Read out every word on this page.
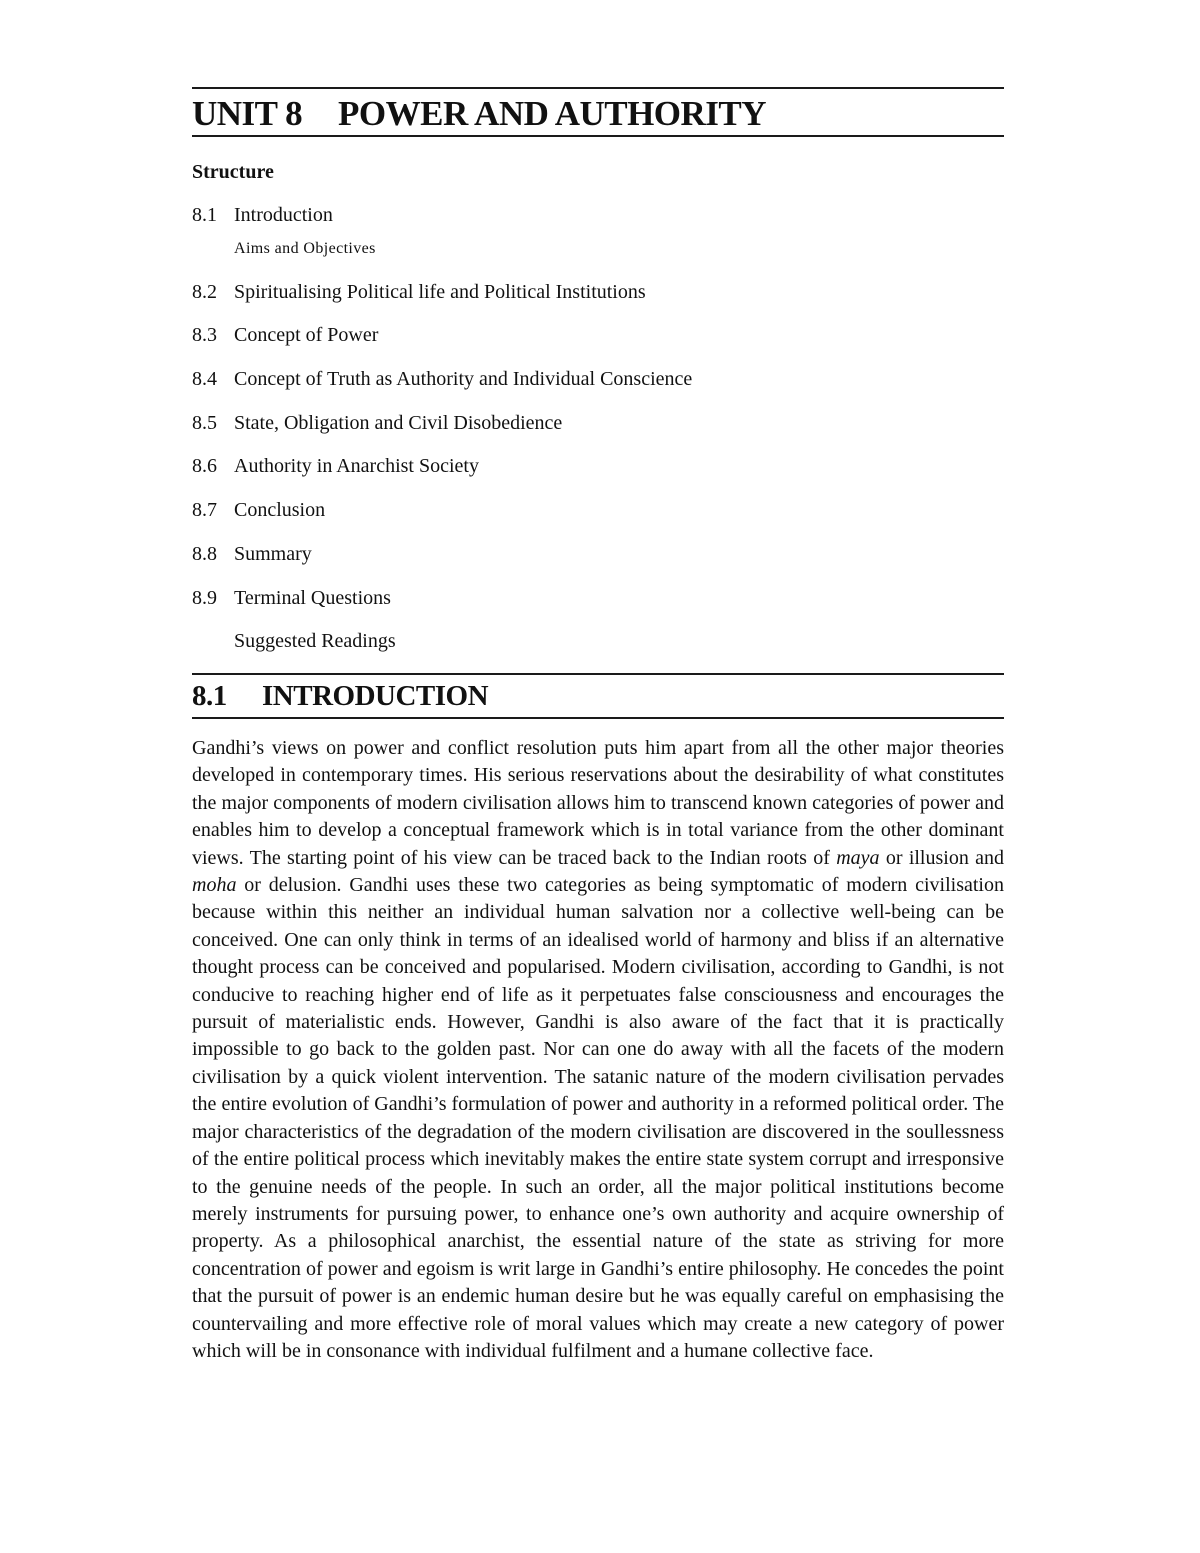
UNIT 8 POWER AND AUTHORITY

Structure

8.1 Introduction
Aims and Objectives
8.2 Spiritualising Political life and Political Institutions
8.3 Concept of Power
8.4 Concept of Truth as Authority and Individual Conscience
8.5 State, Obligation and Civil Disobedience
8.6 Authority in Anarchist Society
8.7 Conclusion
8.8 Summary
8.9 Terminal Questions
Suggested Readings
8.1 INTRODUCTION

Gandhi’s views on power and conflict resolution puts him apart from all the other major theories developed in contemporary times. His serious reservations about the desirability of what constitutes the major components of modern civilisation allows him to transcend known categories of power and enables him to develop a conceptual framework which is in total variance from the other dominant views. The starting point of his view can be traced back to the Indian roots of maya or illusion and moha or delusion. Gandhi uses these two categories as being symptomatic of modern civilisation because within this neither an individual human salvation nor a collective well-being can be conceived. One can only think in terms of an idealised world of harmony and bliss if an alternative thought process can be conceived and popularised. Modern civilisation, according to Gandhi, is not conducive to reaching higher end of life as it perpetuates false consciousness and encourages the pursuit of materialistic ends. However, Gandhi is also aware of the fact that it is practically impossible to go back to the golden past. Nor can one do away with all the facets of the modern civilisation by a quick violent intervention. The satanic nature of the modern civilisation pervades the entire evolution of Gandhi’s formulation of power and authority in a reformed political order. The major characteristics of the degradation of the modern civilisation are discovered in the soullessness of the entire political process which inevitably makes the entire state system corrupt and irresponsive to the genuine needs of the people. In such an order, all the major political institutions become merely instruments for pursuing power, to enhance one’s own authority and acquire ownership of property. As a philosophical anarchist, the essential nature of the state as striving for more concentration of power and egoism is writ large in Gandhi’s entire philosophy. He concedes the point that the pursuit of power is an endemic human desire but he was equally careful on emphasising the countervailing and more effective role of moral values which may create a new category of power which will be in consonance with individual fulfilment and a humane collective face.
